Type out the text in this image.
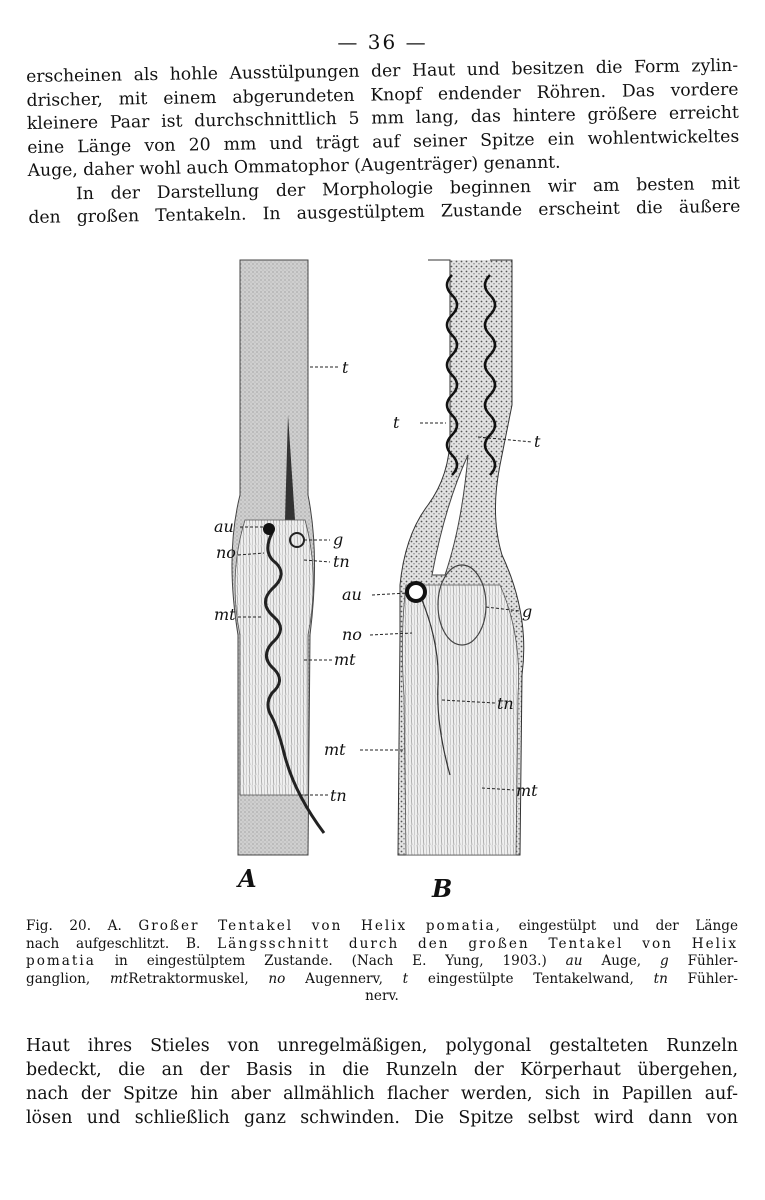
— 36 —
erscheinen als hohle Ausstülpungen der Haut und besitzen die Form zylin-
drischer, mit einem abgerundeten Knopf endender Röhren. Das vordere
kleinere Paar ist durchschnittlich 5 mm lang, das hintere größere erreicht
eine Länge von 20 mm und trägt auf seiner Spitze ein wohlentwickeltes
Auge, daher wohl auch Ommatophor (Augenträger) genannt.
In der Darstellung der Morphologie beginnen wir am besten mit
den großen Tentakeln. In ausgestülptem Zustande erscheint die äußere
t
au
no
g
tn
mt
mt
tn
A
t
t
au
g
no
tn
mt
mt
B
Fig. 20. A. Großer Tentakel von Helix pomatia, eingestülpt und der Länge
nach aufgeschlitzt. B. Längsschnitt durch den großen Tentakel von Helix
pomatia in eingestülptem Zustande. (Nach E. Yung, 1903.) au Auge, g Fühler-
ganglion, mtRetraktormuskel, no Augennerv, t eingestülpte Tentakelwand, tn Fühler-
nerv.
Haut ihres Stieles von unregelmäßigen, polygonal gestalteten Runzeln
bedeckt, die an der Basis in die Runzeln der Körperhaut übergehen,
nach der Spitze hin aber allmählich flacher werden, sich in Papillen auf-
lösen und schließlich ganz schwinden. Die Spitze selbst wird dann von
